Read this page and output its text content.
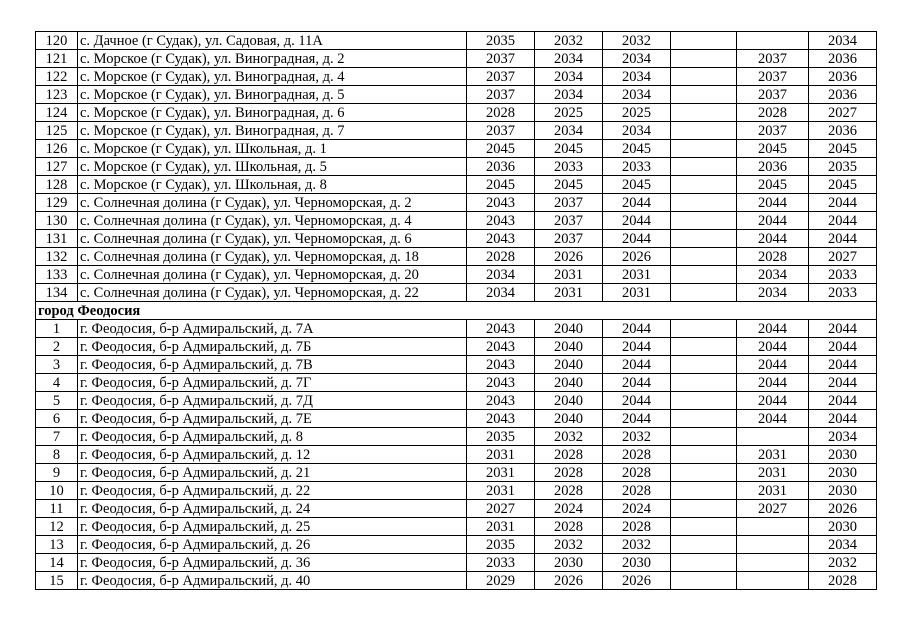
120	с. Дачное (г Судак), ул. Садовая, д. 11А	2035	2032	2032			2034
121	с. Морское (г Судак), ул. Виноградная, д. 2	2037	2034	2034		2037	2036
122	с. Морское (г Судак), ул. Виноградная, д. 4	2037	2034	2034		2037	2036
123	с. Морское (г Судак), ул. Виноградная, д. 5	2037	2034	2034		2037	2036
124	с. Морское (г Судак), ул. Виноградная, д. 6	2028	2025	2025		2028	2027
125	с. Морское (г Судак), ул. Виноградная, д. 7	2037	2034	2034		2037	2036
126	с. Морское (г Судак), ул. Школьная, д. 1	2045	2045	2045		2045	2045
127	с. Морское (г Судак), ул. Школьная, д. 5	2036	2033	2033		2036	2035
128	с. Морское (г Судак), ул. Школьная, д. 8	2045	2045	2045		2045	2045
129	с. Солнечная долина (г Судак), ул. Черноморская, д. 2	2043	2037	2044		2044	2044
130	с. Солнечная долина (г Судак), ул. Черноморская, д. 4	2043	2037	2044		2044	2044
131	с. Солнечная долина (г Судак), ул. Черноморская, д. 6	2043	2037	2044		2044	2044
132	с. Солнечная долина (г Судак), ул. Черноморская, д. 18	2028	2026	2026		2028	2027
133	с. Солнечная долина (г Судак), ул. Черноморская, д. 20	2034	2031	2031		2034	2033
134	с. Солнечная долина (г Судак), ул. Черноморская, д. 22	2034	2031	2031		2034	2033
город Феодосия							
1	г. Феодосия, б-р Адмиральский, д. 7А	2043	2040	2044		2044	2044
2	г. Феодосия, б-р Адмиральский, д. 7Б	2043	2040	2044		2044	2044
3	г. Феодосия, б-р Адмиральский, д. 7В	2043	2040	2044		2044	2044
4	г. Феодосия, б-р Адмиральский, д. 7Г	2043	2040	2044		2044	2044
5	г. Феодосия, б-р Адмиральский, д. 7Д	2043	2040	2044		2044	2044
6	г. Феодосия, б-р Адмиральский, д. 7Е	2043	2040	2044		2044	2044
7	г. Феодосия, б-р Адмиральский, д. 8	2035	2032	2032			2034
8	г. Феодосия, б-р Адмиральский, д. 12	2031	2028	2028		2031	2030
9	г. Феодосия, б-р Адмиральский, д. 21	2031	2028	2028		2031	2030
10	г. Феодосия, б-р Адмиральский, д. 22	2031	2028	2028		2031	2030
11	г. Феодосия, б-р Адмиральский, д. 24	2027	2024	2024		2027	2026
12	г. Феодосия, б-р Адмиральский, д. 25	2031	2028	2028			2030
13	г. Феодосия, б-р Адмиральский, д. 26	2035	2032	2032			2034
14	г. Феодосия, б-р Адмиральский, д. 36	2033	2030	2030			2032
15	г. Феодосия, б-р Адмиральский, д. 40	2029	2026	2026			2028
